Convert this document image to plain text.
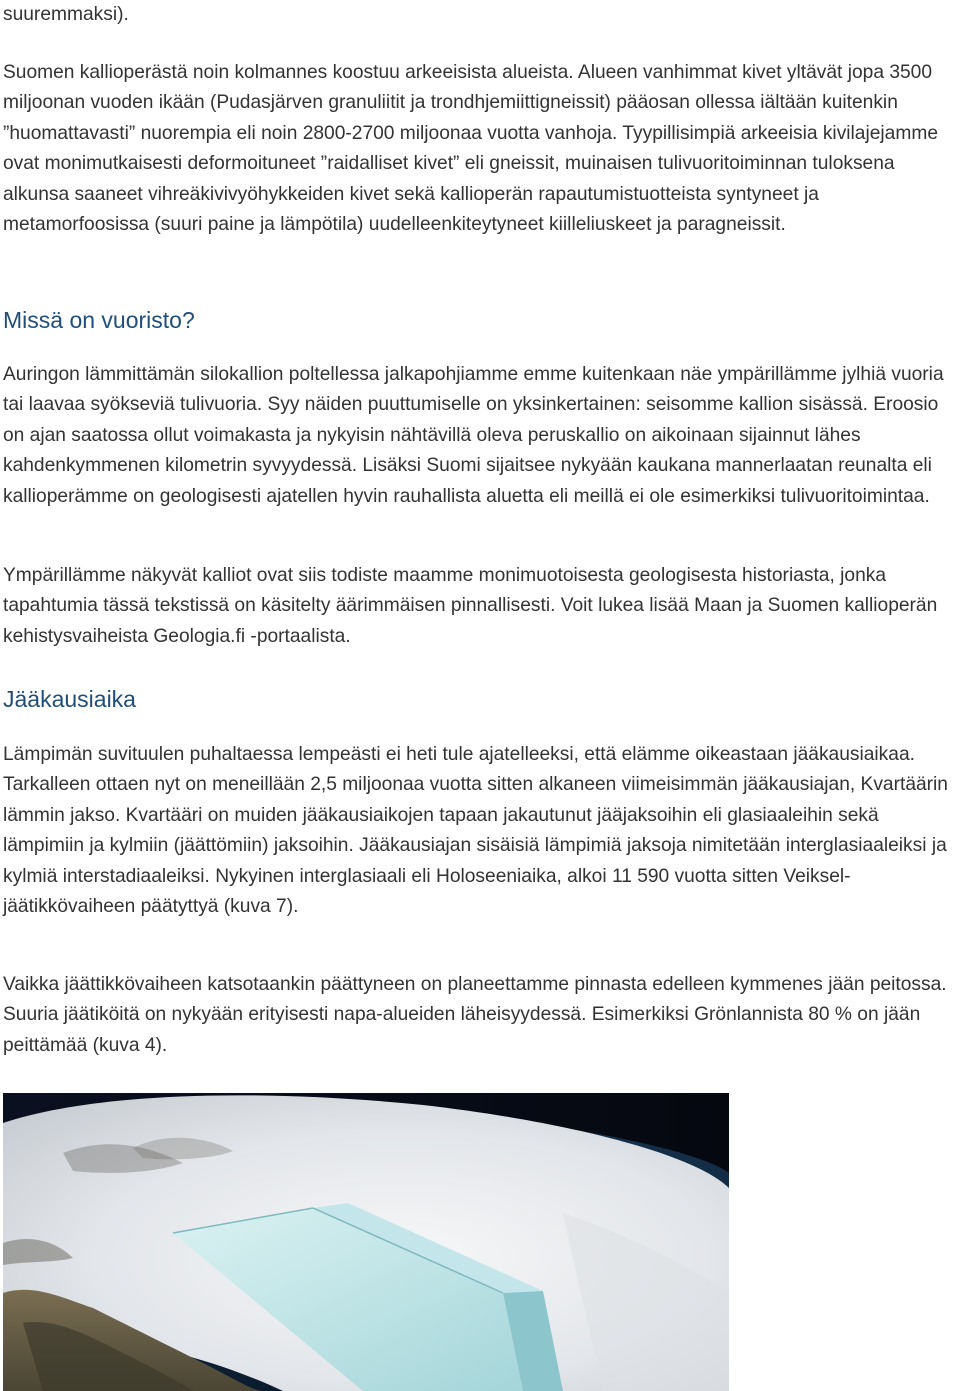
suuremmaksi).

Suomen kallioperästä noin kolmannes koostuu arkeeisista alueista. Alueen vanhimmat kivet yltävät jopa 3500 miljoonan vuoden ikään (Pudasjärven granuliitit ja trondhjemiittigneissit) pääosan ollessa iältään kuitenkin ”huomattavasti” nuorempia eli noin 2800-2700 miljoonaa vuotta vanhoja. Tyypillisimpiä arkeeisia kivilajejamme ovat monimutkaisesti deformoituneet ”raidalliset kivet” eli gneissit, muinaisen tulivuoritoiminnan tuloksena alkunsa saaneet vihreäkivivyöhykkeiden kivet sekä kallioperän rapautumistuotteista syntyneet ja metamorfoosissa (suuri paine ja lämpötila) uudelleenkiteytyneet kiilleliuskeet ja paragneissit.

Missä on vuoristo?

Auringon lämmittämän silokallion poltellessa jalkapohjiamme emme kuitenkaan näe ympärillämme jylhiä vuoria tai laavaa syökseviä tulivuoria. Syy näiden puuttumiselle on yksinkertainen: seisomme kallion sisässä. Eroosio on ajan saatossa ollut voimakasta ja nykyisin nähtävillä oleva peruskallio on aikoinaan sijainnut lähes kahdenkymmenen kilometrin syvyydessä. Lisäksi Suomi sijaitsee nykyään kaukana mannerlaatan reunalta eli kallioperämme on geologisesti ajatellen hyvin rauhallista aluetta eli meillä ei ole esimerkiksi tulivuoritoimintaa.

Ympärillämme näkyvät kalliot ovat siis todiste maamme monimuotoisesta geologisesta historiasta, jonka tapahtumia tässä tekstissä on käsitelty äärimmäisen pinnallisesti. Voit lukea lisää Maan ja Suomen kallioperän kehistysvaiheista Geologia.fi -portaalista.

Jääkausiaika

Lämpimän suvituulen puhaltaessa lempeästi ei heti tule ajatelleeksi, että elämme oikeastaan jääkausiaikaa. Tarkalleen ottaen nyt on meneillään 2,5 miljoonaa vuotta sitten alkaneen viimeisimmän jääkausiajan, Kvartäärin lämmin jakso. Kvartääri on muiden jääkausiaikojen tapaan jakautunut jääjaksoihin eli glasiaaleihin sekä lämpimiin ja kylmiin (jäättömiin) jaksoihin. Jääkausiajan sisäisiä lämpimiä jaksoja nimitetään interglasiaaleiksi ja kylmiä interstadiaaleiksi. Nykyinen interglasiaali eli Holoseeniaika, alkoi 11 590 vuotta sitten Veiksel-jäätikkövaiheen päätyttyä (kuva 7).

Vaikka jäättikkövaiheen katsotaankin päättyneen on planeettamme pinnasta edelleen kymmenes jään peitossa. Suuria jäätiköitä on nykyään erityisesti napa-alueiden läheisyydessä. Esimerkiksi Grönlannista 80 % on jään peittämää (kuva 4).
